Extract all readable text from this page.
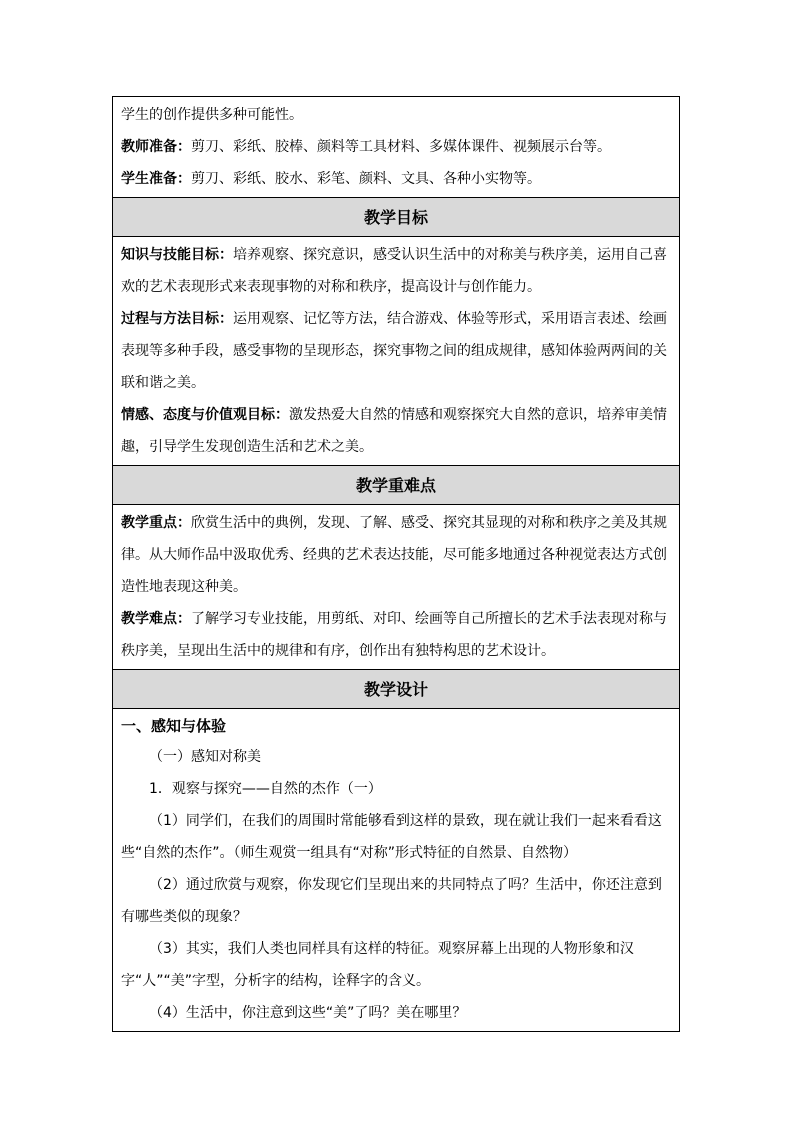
学生的创作提供多种可能性。

教师准备：剪刀、彩纸、胶棒、颜料等工具材料、多媒体课件、视频展示台等。

学生准备：剪刀、彩纸、胶水、彩笔、颜料、文具、各种小实物等。

教学目标

知识与技能目标：培养观察、探究意识，感受认识生活中的对称美与秩序美，运用自己喜欢的艺术表现形式来表现事物的对称和秩序，提高设计与创作能力。

过程与方法目标：运用观察、记忆等方法，结合游戏、体验等形式，采用语言表述、绘画表现等多种手段，感受事物的呈现形态，探究事物之间的组成规律，感知体验两两间的关联和谐之美。

情感、态度与价值观目标：激发热爱大自然的情感和观察探究大自然的意识，培养审美情趣，引导学生发现创造生活和艺术之美。

教学重难点

教学重点：欣赏生活中的典例，发现、了解、感受、探究其显现的对称和秩序之美及其规律。从大师作品中汲取优秀、经典的艺术表达技能，尽可能多地通过各种视觉表达方式创造性地表现这种美。

教学难点：了解学习专业技能，用剪纸、对印、绘画等自己所擅长的艺术手法表现对称与秩序美，呈现出生活中的规律和有序，创作出有独特构思的艺术设计。

教学设计

一、感知与体验

（一）感知对称美

1．观察与探究——自然的杰作（一）

（1）同学们，在我们的周围时常能够看到这样的景致，现在就让我们一起来看看这些“自然的杰作”。（师生观赏一组具有“对称”形式特征的自然景、自然物）

（2）通过欣赏与观察，你发现它们呈现出来的共同特点了吗？生活中，你还注意到有哪些类似的现象？

（3）其实，我们人类也同样具有这样的特征。观察屏幕上出现的人物形象和汉字“人”“美”字型，分析字的结构，诠释字的含义。

（4）生活中，你注意到这些“美”了吗？美在哪里？
